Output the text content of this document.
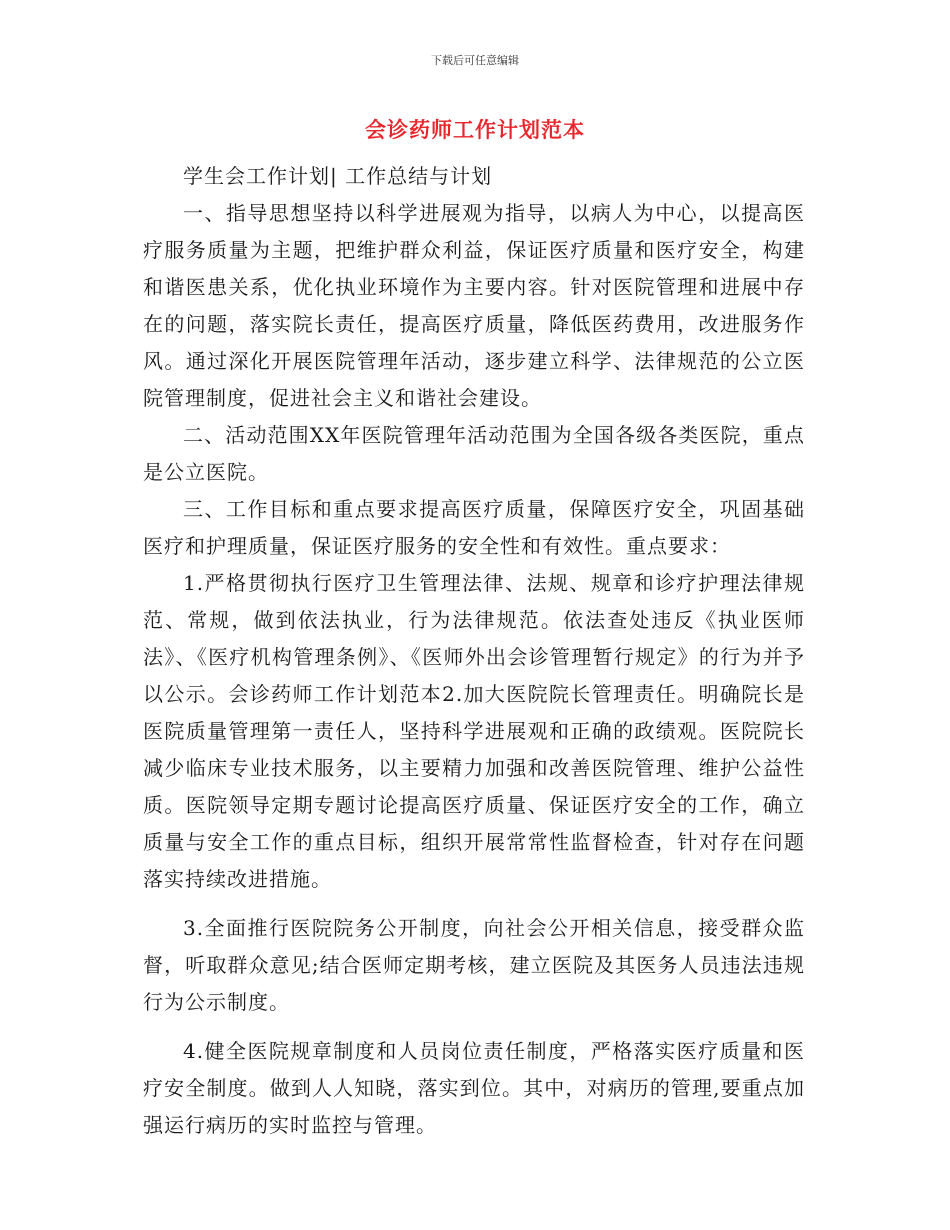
下载后可任意编辑
会诊药师工作计划范本

学生会工作计划| 工作总结与计划

一、指导思想坚持以科学进展观为指导，以病人为中心，以提高医疗服务质量为主题，把维护群众利益，保证医疗质量和医疗安全，构建和谐医患关系，优化执业环境作为主要内容。针对医院管理和进展中存在的问题，落实院长责任，提高医疗质量，降低医药费用，改进服务作风。通过深化开展医院管理年活动，逐步建立科学、法律规范的公立医院管理制度，促进社会主义和谐社会建设。

二、活动范围XX年医院管理年活动范围为全国各级各类医院，重点是公立医院。

三、工作目标和重点要求提高医疗质量，保障医疗安全，巩固基础医疗和护理质量，保证医疗服务的安全性和有效性。重点要求：

1.严格贯彻执行医疗卫生管理法律、法规、规章和诊疗护理法律规范、常规，做到依法执业，行为法律规范。依法查处违反《执业医师法》、《医疗机构管理条例》、《医师外出会诊管理暂行规定》的行为并予以公示。会诊药师工作计划范本2.加大医院院长管理责任。明确院长是医院质量管理第一责任人，坚持科学进展观和正确的政绩观。医院院长减少临床专业技术服务，以主要精力加强和改善医院管理、维护公益性质。医院领导定期专题讨论提高医疗质量、保证医疗安全的工作，确立质量与安全工作的重点目标，组织开展常常性监督检查，针对存在问题落实持续改进措施。

3.全面推行医院院务公开制度，向社会公开相关信息，接受群众监督，听取群众意见;结合医师定期考核，建立医院及其医务人员违法违规行为公示制度。

4.健全医院规章制度和人员岗位责任制度，严格落实医疗质量和医疗安全制度。做到人人知晓，落实到位。其中，对病历的管理,要重点加强运行病历的实时监控与管理。
